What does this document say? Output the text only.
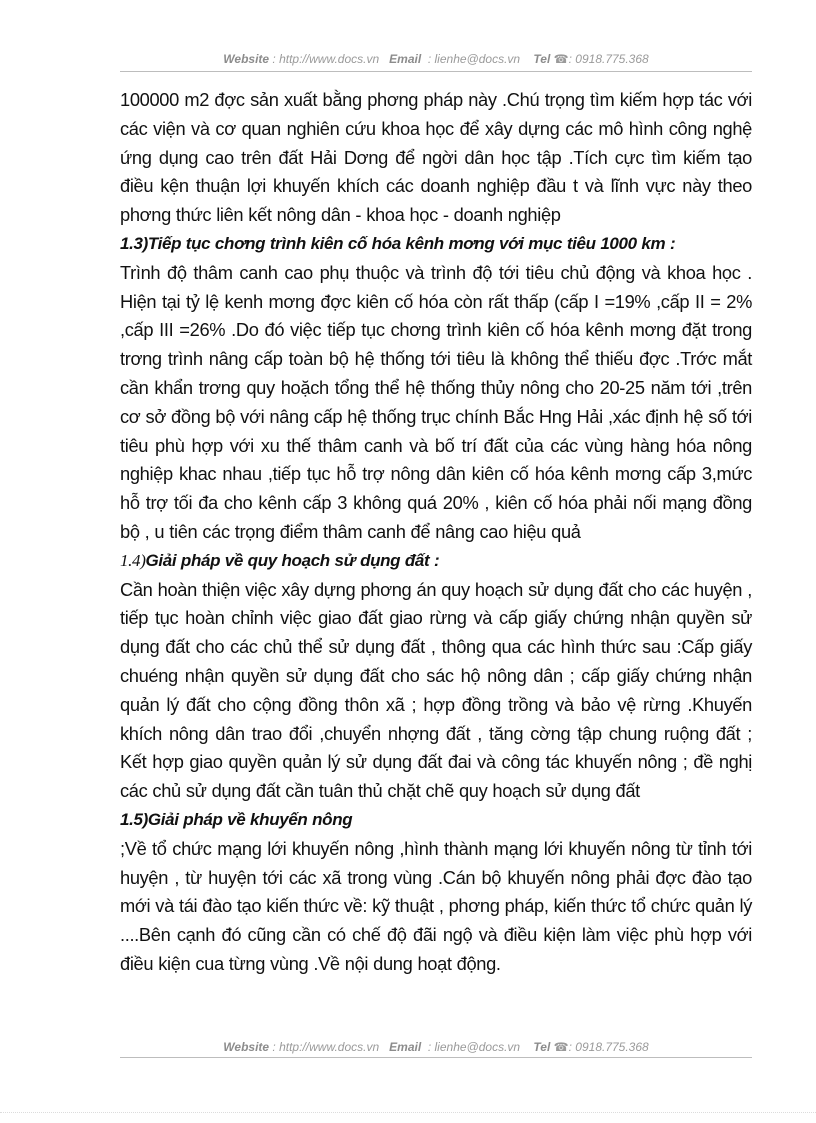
Website : http://www.docs.vn Email : lienhe@docs.vn Tel ☎: 0918.775.368

100000 m2 đợc sản xuất bằng phơng pháp này .Chú trọng tìm kiếm hợp tác với các viện và cơ quan nghiên cứu khoa học để xây dựng các mô hình công nghệ ứng dụng cao trên đất Hải Dơng để ngời dân học tập .Tích cực tìm kiếm tạo điều kện thuận lợi khuyến khích các doanh nghiệp đầu t và lĩnh vực này theo phơng thức liên kết nông dân - khoa học - doanh nghiệp

1.3)Tiếp tục chơng trình kiên cố hóa kênh mơng với mục tiêu 1000 km :

Trình độ thâm canh cao phụ thuộc và trình độ tới tiêu chủ động và khoa học . Hiện tại tỷ lệ kenh mơng đợc kiên cố hóa còn rất thấp (cấp I =19% ,cấp II = 2% ,cấp III =26% .Do đó việc tiếp tục chơng trình kiên cố hóa kênh mơng đặt trong trơng trình nâng cấp toàn bộ hệ thống tới tiêu là không thể thiếu đợc .Trớc mắt cần khẩn trơng quy hoặch tổng thể hệ thống thủy nông cho 20-25 năm tới ,trên cơ sở đồng bộ với nâng cấp hệ thống trục chính Bắc Hng Hải ,xác định hệ số tới tiêu phù hợp với xu thế thâm canh và bố trí đất của các vùng hàng hóa nông nghiệp khac nhau ,tiếp tục hỗ trợ nông dân kiên cố hóa kênh mơng cấp 3,mức hỗ trợ tối đa cho kênh cấp 3 không quá 20% , kiên cố hóa phải nối mạng đồng bộ , u tiên các trọng điểm thâm canh để nâng cao hiệu quả

1.4)Giải pháp về quy hoạch sử dụng đất :

Cần hoàn thiện việc xây dựng phơng án quy hoạch sử dụng đất cho các huyện , tiếp tục hoàn chỉnh việc giao đất giao rừng và cấp giấy chứng nhận quyền sử dụng đất cho các chủ thể sử dụng đất , thông qua các hình thức sau :Cấp giấy chuéng nhận quyền sử dụng đất cho sác hộ nông dân ; cấp giấy chứng nhận quản lý đất cho cộng đồng thôn xã ; hợp đồng trồng và bảo vệ rừng .Khuyến khích nông dân trao đổi ,chuyển nhợng đất , tăng cờng tập chung ruộng đất ; Kết hợp giao quyền quản lý sử dụng đất đai và công tác khuyến nông ; đề nghị các chủ sử dụng đất cần tuân thủ chặt chẽ quy hoạch sử dụng đất

1.5)Giải pháp về khuyến nông

;Về tổ chức mạng lới khuyến nông ,hình thành mạng lới khuyến nông từ tỉnh tới huyện , từ huyện tới các xã trong vùng .Cán bộ khuyến nông phải đợc đào tạo mới và tái đào tạo kiến thức về: kỹ thuật , phơng pháp, kiến thức tổ chức quản lý ....Bên cạnh đó cũng cần có chế độ đãi ngộ và điều kiện làm việc phù hợp với điều kiện cua từng vùng .Về nội dung hoạt động.

Website : http://www.docs.vn Email : lienhe@docs.vn Tel ☎: 0918.775.368
